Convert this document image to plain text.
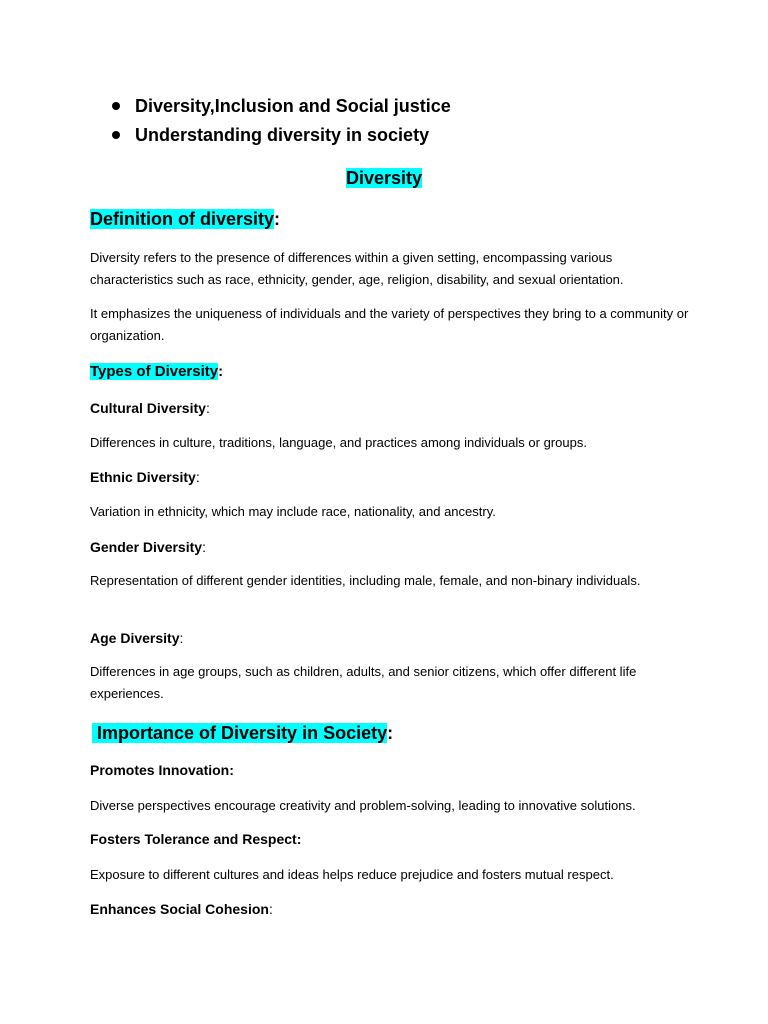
Diversity,Inclusion and Social justice
Understanding diversity in society
Diversity
Definition of diversity:
Diversity refers to the presence of differences within a given setting, encompassing various characteristics such as race, ethnicity, gender, age, religion, disability, and sexual orientation.
It emphasizes the uniqueness of individuals and the variety of perspectives they bring to a community or organization.
Types of Diversity:
Cultural Diversity:
Differences in culture, traditions, language, and practices among individuals or groups.
Ethnic Diversity:
Variation in ethnicity, which may include race, nationality, and ancestry.
Gender Diversity:
Representation of different gender identities, including male, female, and non-binary individuals.
Age Diversity:
Differences in age groups, such as children, adults, and senior citizens, which offer different life experiences.
Importance of Diversity in Society:
Promotes Innovation:
Diverse perspectives encourage creativity and problem-solving, leading to innovative solutions.
Fosters Tolerance and Respect:
Exposure to different cultures and ideas helps reduce prejudice and fosters mutual respect.
Enhances Social Cohesion:
